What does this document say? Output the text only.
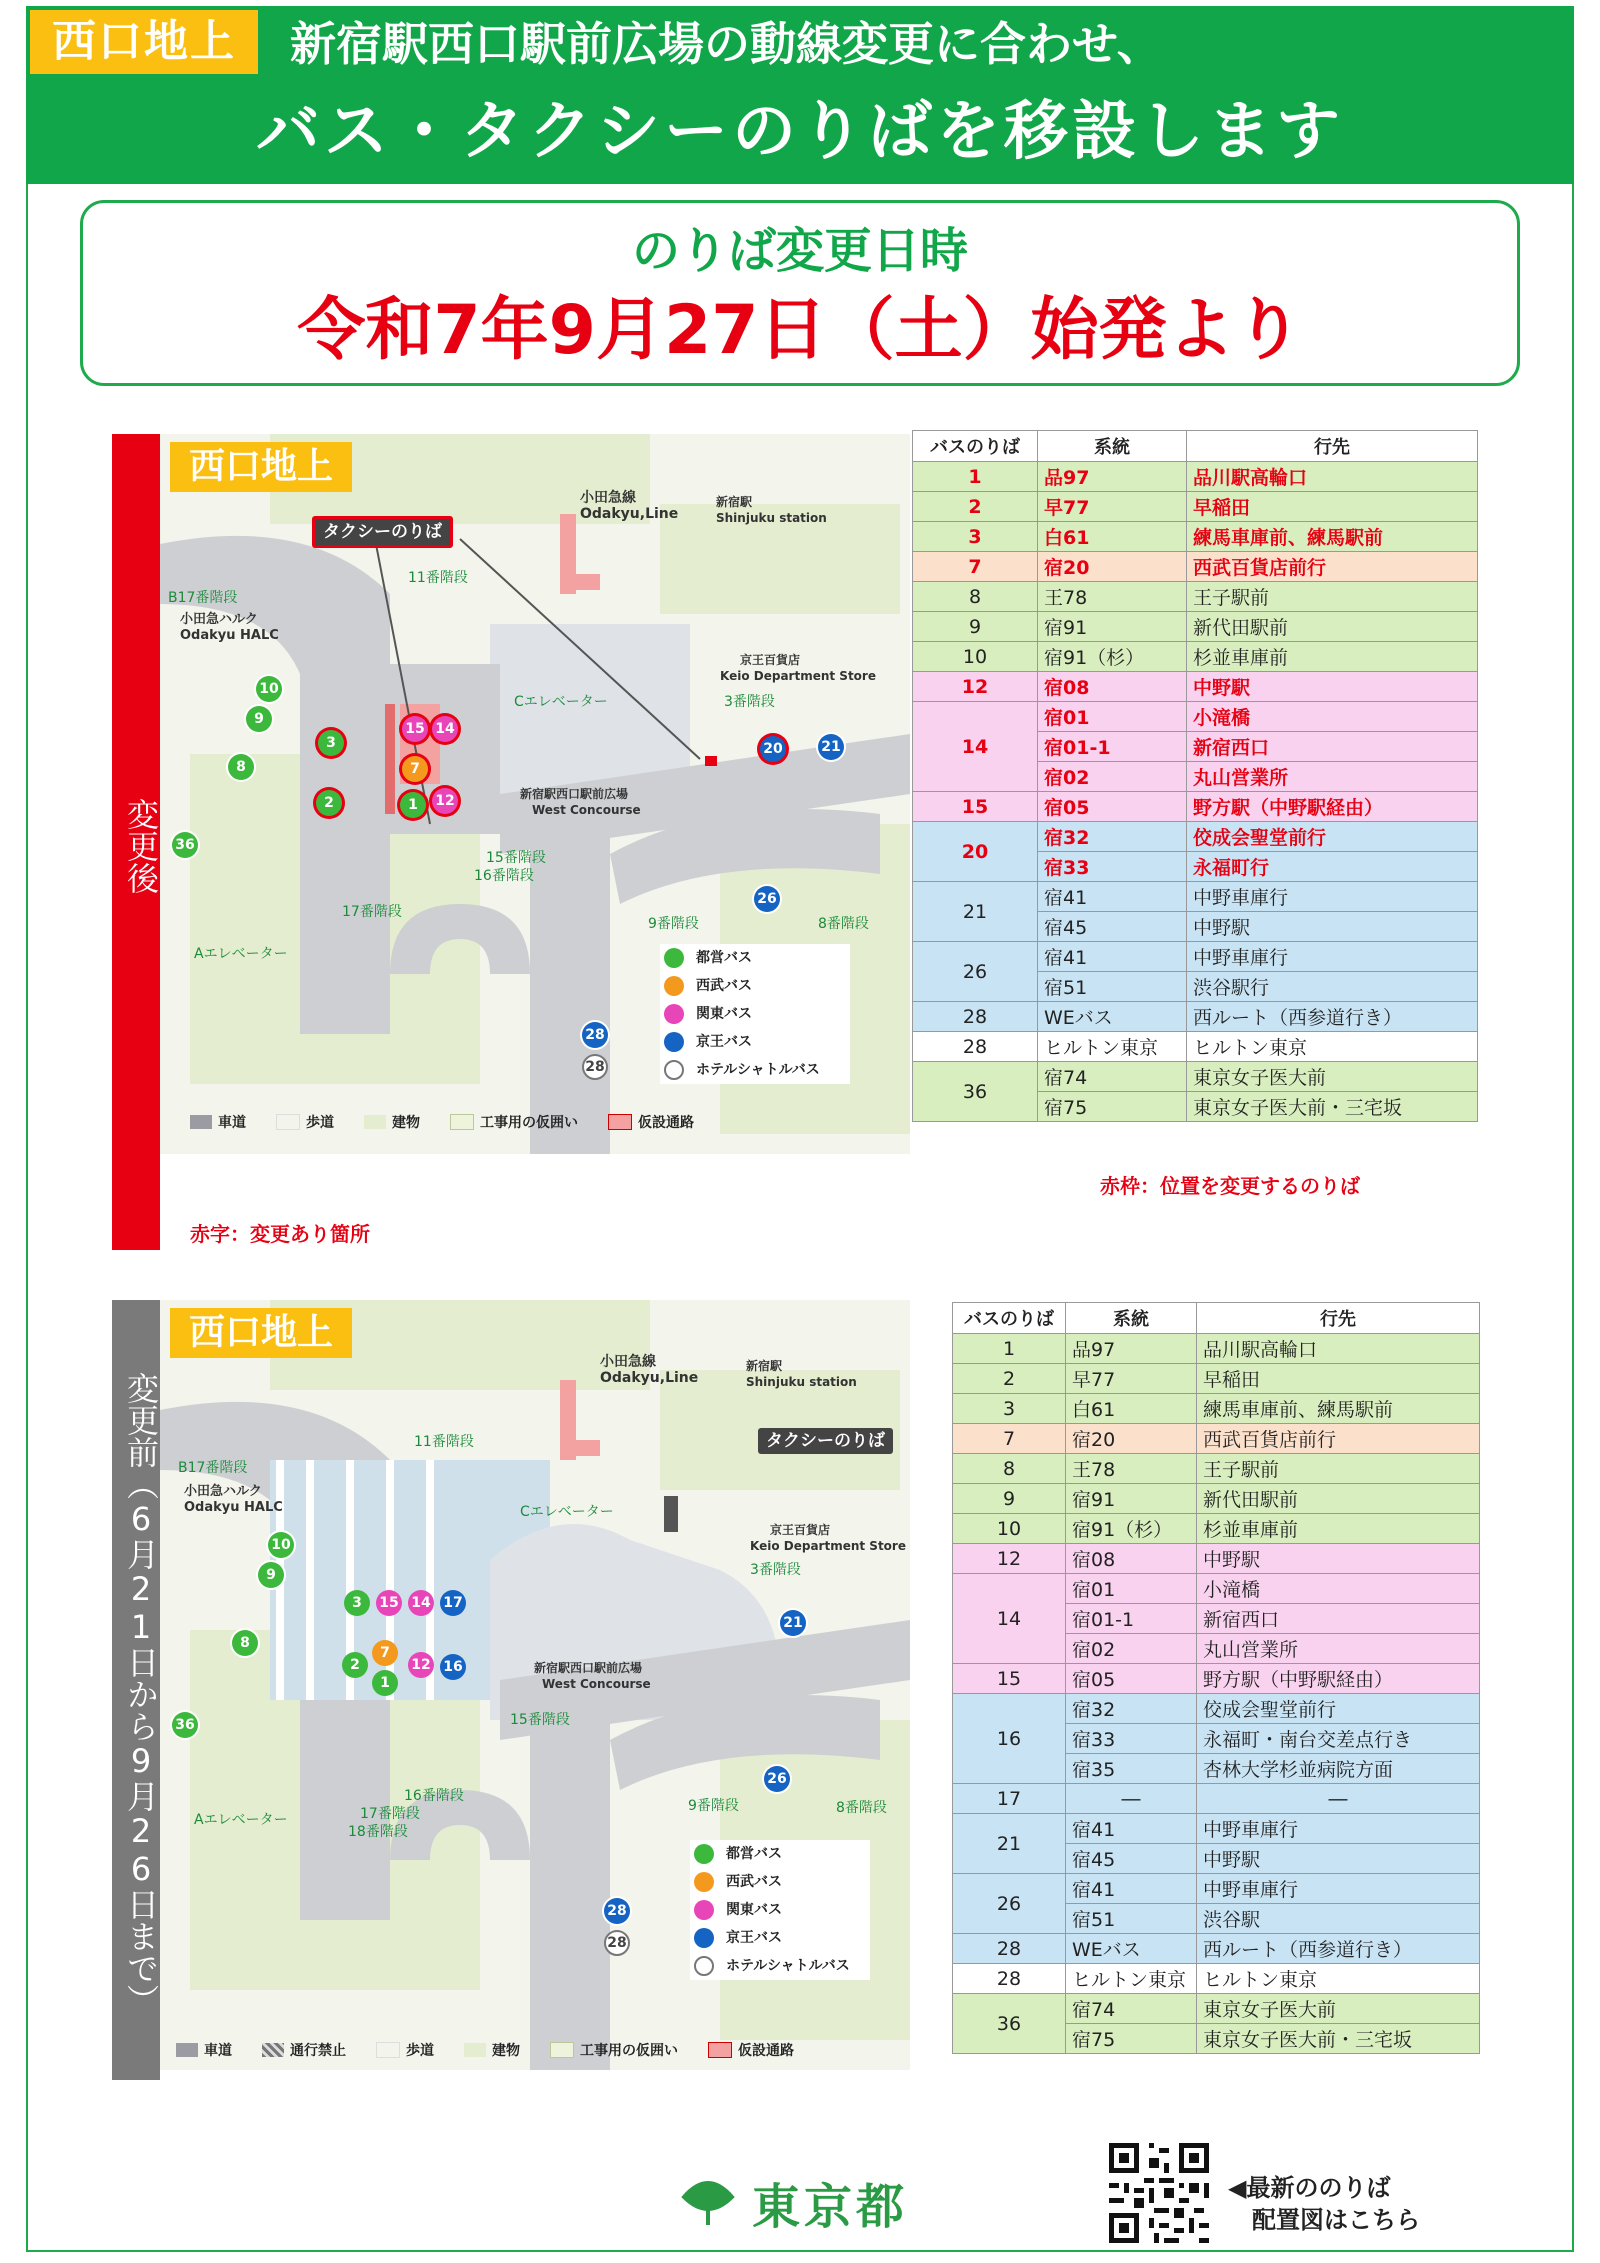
西口地上	新宿駅西口駅前広場の動線変更に合わせ、
バス・タクシーのりばを移設します
のりば変更日時
令和7年9月27日（土）始発より
変更後
西口地上
タクシーのりば
小田急線
Odakyu,Line
新宿駅
Shinjuku station
11番階段
B17番階段
小田急ハルク
Odakyu HALC
京王百貨店
Keio Department Store
3番階段
Cエレベーター
新宿駅西口駅前広場
West Concourse
15番階段
16番階段
17番階段
Aエレベーター
9番階段	8番階段
3
2
15 14
7
1	12
10
9
8
36
20	21
26
28
28
都営バス
西武バス
関東バス
京王バス
ホテルシャトルバス
車道	歩道	建物	工事用の仮囲い	仮設通路
赤字：変更あり箇所
赤枠：位置を変更するのりば
バスのりば	系統	行先
1	品97	品川駅高輪口
2	早77	早稲田
3	白61	練馬車庫前、練馬駅前
7	宿20	西武百貨店前行
8	王78	王子駅前
9	宿91	新代田駅前
10	宿91（杉）	杉並車庫前
12	宿08	中野駅
14	宿01	小滝橋
	宿01-1	新宿西口
	宿02	丸山営業所
15	宿05	野方駅（中野駅経由）
20	宿32	佼成会聖堂前行
	宿33	永福町行
21	宿41	中野車庫行
	宿45	中野駅
26	宿41	中野車庫行
	宿51	渋谷駅行
28	WEバス	西ルート（西参道行き）
28	ヒルトン東京	ヒルトン東京
36	宿74	東京女子医大前
	宿75	東京女子医大前・三宅坂
変更前（6月21日から9月26日まで）
西口地上
タクシーのりば
小田急線
Odakyu,Line
新宿駅
Shinjuku station
11番階段
B17番階段
小田急ハルク
Odakyu HALC	Cエレベーター
京王百貨店
Keio Department Store
3番階段
新宿駅西口駅前広場
West Concourse
15番階段
16番階段
17番階段
18番階段
Aエレベーター
9番階段	8番階段
10
9
3	15 14 17
8
7
2	12 16
1
36
21
26
28
28
都営バス
西武バス
関東バス
京王バス
ホテルシャトルバス
車道	通行禁止	歩道	建物	工事用の仮囲い	仮設通路
バスのりば	系統	行先
1	品97	品川駅高輪口
2	早77	早稲田
3	白61	練馬車庫前、練馬駅前
7	宿20	西武百貨店前行
8	王78	王子駅前
9	宿91	新代田駅前
10	宿91（杉）	杉並車庫前
12	宿08	中野駅
14	宿01	小滝橋
	宿01-1	新宿西口
	宿02	丸山営業所
15	宿05	野方駅（中野駅経由）
16	宿32	佼成会聖堂前行
	宿33	永福町・南台交差点行き
	宿35	杏林大学杉並病院方面
17	―	―
21	宿41	中野車庫行
	宿45	中野駅
26	宿41	中野車庫行
	宿51	渋谷駅
28	WEバス	西ルート（西参道行き）
28	ヒルトン東京	ヒルトン東京
36	宿74	東京女子医大前
	宿75	東京女子医大前・三宅坂
東京都	◀最新ののりば
配置図はこちら
